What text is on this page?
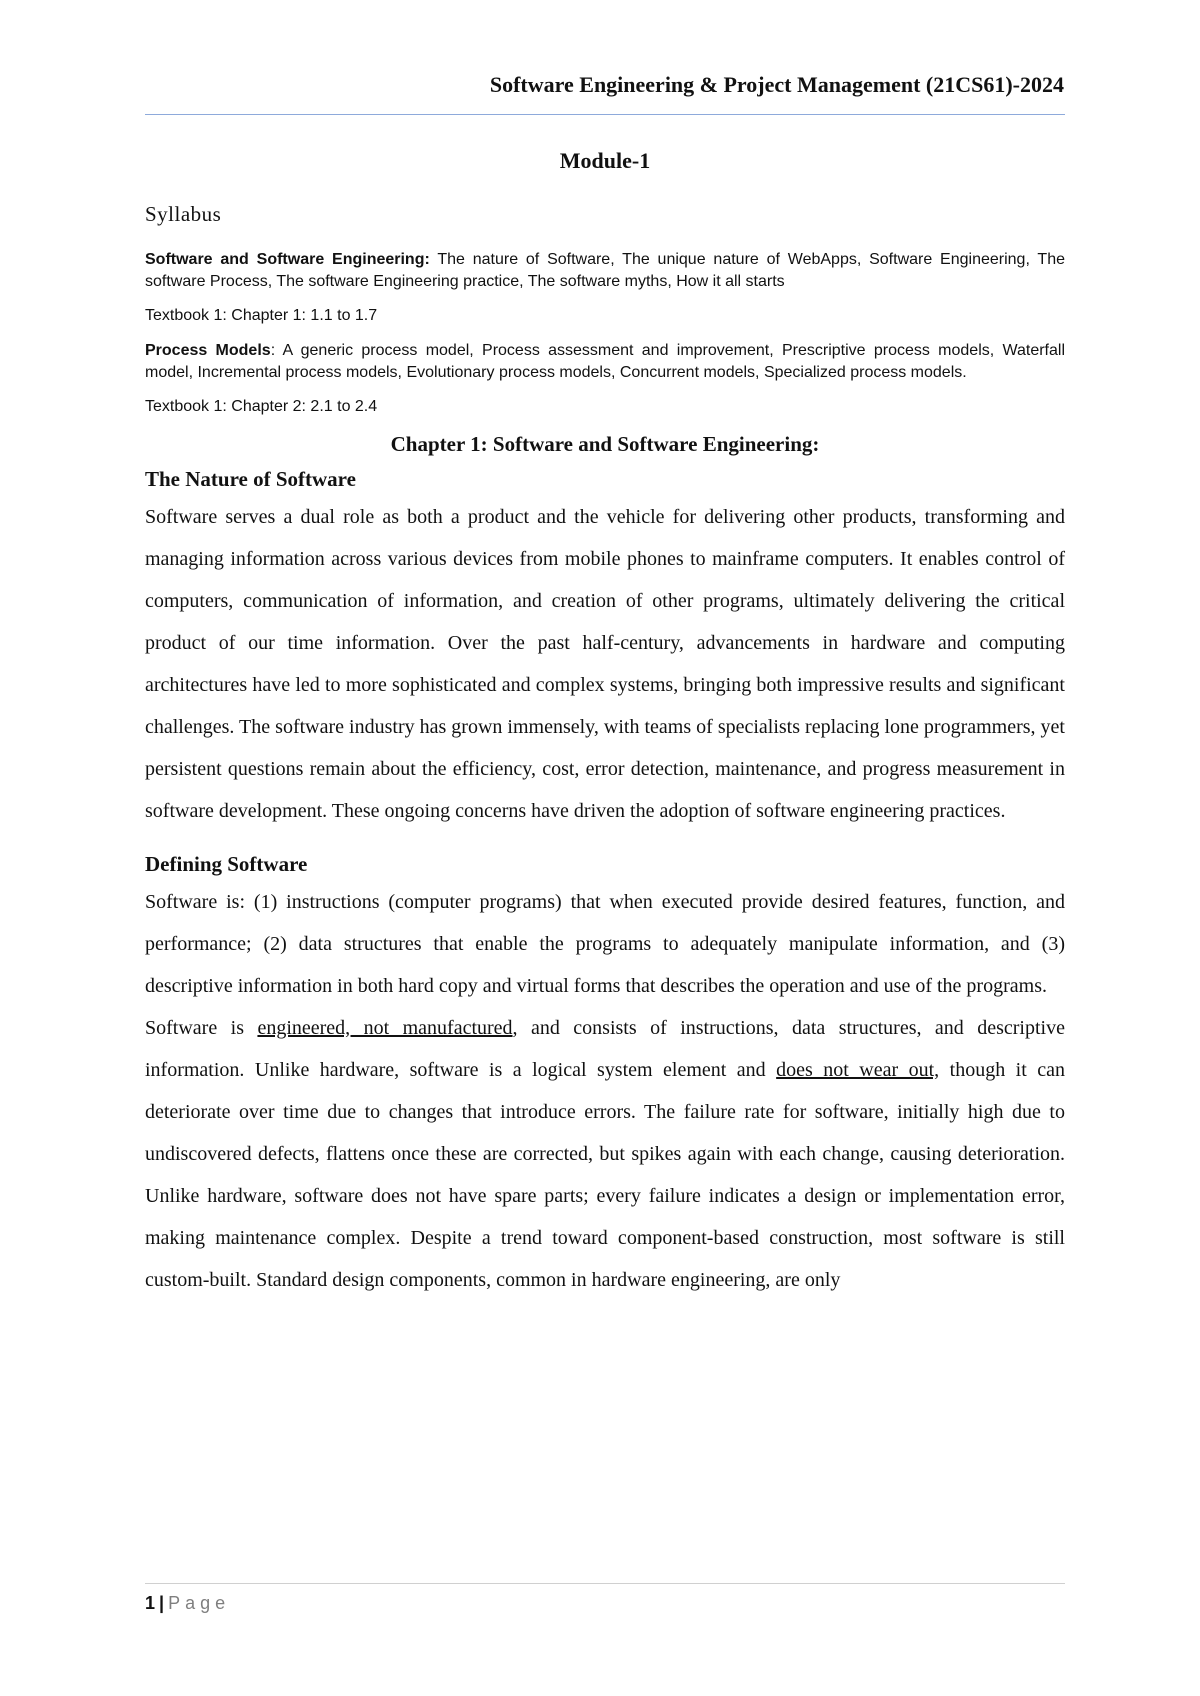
Software Engineering & Project Management (21CS61)-2024

Module-1

Syllabus

Software and Software Engineering: The nature of Software, The unique nature of WebApps, Software Engineering, The software Process, The software Engineering practice, The software myths, How it all starts

Textbook 1: Chapter 1: 1.1 to 1.7

Process Models: A generic process model, Process assessment and improvement, Prescriptive process models, Waterfall model, Incremental process models, Evolutionary process models, Concurrent models, Specialized process models.

Textbook 1: Chapter 2: 2.1 to 2.4

Chapter 1: Software and Software Engineering:

The Nature of Software

Software serves a dual role as both a product and the vehicle for delivering other products, transforming and managing information across various devices from mobile phones to mainframe computers. It enables control of computers, communication of information, and creation of other programs, ultimately delivering the critical product of our time information. Over the past half-century, advancements in hardware and computing architectures have led to more sophisticated and complex systems, bringing both impressive results and significant challenges. The software industry has grown immensely, with teams of specialists replacing lone programmers, yet persistent questions remain about the efficiency, cost, error detection, maintenance, and progress measurement in software development. These ongoing concerns have driven the adoption of software engineering practices.

Defining Software

Software is: (1) instructions (computer programs) that when executed provide desired features, function, and performance; (2) data structures that enable the programs to adequately manipulate information, and (3) descriptive information in both hard copy and virtual forms that describes the operation and use of the programs.

Software is engineered, not manufactured, and consists of instructions, data structures, and descriptive information. Unlike hardware, software is a logical system element and does not wear out, though it can deteriorate over time due to changes that introduce errors. The failure rate for software, initially high due to undiscovered defects, flattens once these are corrected, but spikes again with each change, causing deterioration. Unlike hardware, software does not have spare parts; every failure indicates a design or implementation error, making maintenance complex. Despite a trend toward component-based construction, most software is still custom-built. Standard design components, common in hardware engineering, are only

1 | Page
